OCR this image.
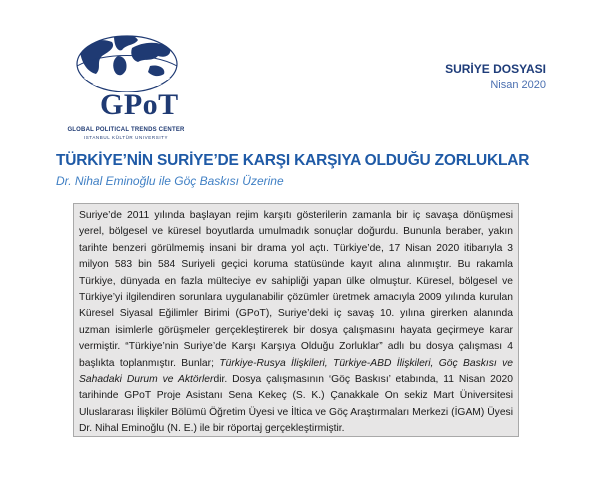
GPoT
GLOBAL POLITICAL TRENDS CENTER
ISTANBUL KÜLTÜR UNIVERSITY
SURİYE DOSYASI
Nisan 2020
TÜRKİYE’NİN SURİYE’DE KARŞI KARŞIYA OLDUĞU ZORLUKLAR
Dr. Nihal Eminoğlu ile Göç Baskısı Üzerine
Suriye’de 2011 yılında başlayan rejim karşıtı gösterilerin zamanla bir iç savaşa dönüşmesi yerel, bölgesel ve küresel boyutlarda umulmadık sonuçlar doğurdu. Bununla beraber, yakın tarihte benzeri görülmemiş insani bir drama yol açtı. Türkiye’de, 17 Nisan 2020 itibarıyla 3 milyon 583 bin 584 Suriyeli geçici koruma statüsünde kayıt alına alınmıştır. Bu rakamla Türkiye, dünyada en fazla mülteciye ev sahipliği yapan ülke olmuştur. Küresel, bölgesel ve Türkiye’yi ilgilendiren sorunlara uygulanabilir çözümler üretmek amacıyla 2009 yılında kurulan Küresel Siyasal Eğilimler Birimi (GPoT), Suriye’deki iç savaş 10. yılına girerken alanında uzman isimlerle görüşmeler gerçekleştirerek bir dosya çalışmasını hayata geçirmeye karar vermiştir. “Türkiye’nin Suriye’de Karşı Karşıya Olduğu Zorluklar” adlı bu dosya çalışması 4 başlıkta toplanmıştır. Bunlar; Türkiye-Rusya İlişkileri, Türkiye-ABD İlişkileri, Göç Baskısı ve Sahadaki Durum ve Aktörlerdir. Dosya çalışmasının ‘Göç Baskısı’ etabında, 11 Nisan 2020 tarihinde GPoT Proje Asistanı Sena Kekeç (S. K.) Çanakkale On sekiz Mart Üniversitesi Uluslararası İlişkiler Bölümü Öğretim Üyesi ve İltica ve Göç Araştırmaları Merkezi (İGAM) Üyesi Dr. Nihal Eminoğlu (N. E.) ile bir röportaj gerçekleştirmiştir.
